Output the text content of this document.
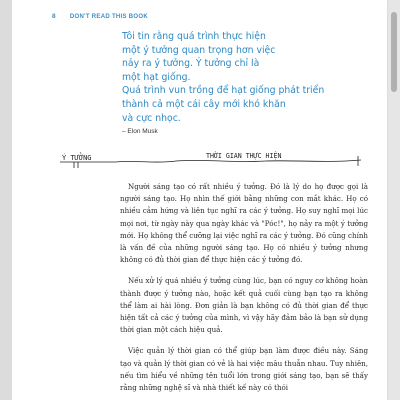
8 DON'T READ THIS BOOK
Tôi tin rằng quá trình thực hiện
một ý tưởng quan trọng hơn việc
nảy ra ý tưởng. Ý tưởng chỉ là
một hạt giống.
Quá trình vun trồng để hạt giống phát triển
thành cả một cái cây mới khó khăn
và cực nhọc.
– Elon Musk
Ý TƯỞNG	THỜI GIAN THỰC HIỆN

Người sáng tạo có rất nhiều ý tưởng. Đó là lý do họ được gọi là người sáng tạo. Họ nhìn thế giới bằng những con mắt khác. Họ có nhiều cảm hứng và liên tục nghĩ ra các ý tưởng. Họ suy nghĩ mọi lúc mọi nơi, từ ngày này qua ngày khác và "Póc!", họ nảy ra một ý tưởng mới. Họ không thể cưỡng lại việc nghĩ ra các ý tưởng. Đó cũng chính là vấn đề của những người sáng tạo. Họ có nhiều ý tưởng nhưng không có đủ thời gian để thực hiện các ý tưởng đó.

Nếu xử lý quá nhiều ý tưởng cùng lúc, bạn có nguy cơ không hoàn thành được ý tưởng nào, hoặc kết quả cuối cùng bạn tạo ra không thể làm ai hài lòng. Đơn giản là bạn không có đủ thời gian để thực hiện tất cả các ý tưởng của mình, vì vậy hãy đảm bảo là bạn sử dụng thời gian một cách hiệu quả.

Việc quản lý thời gian có thể giúp bạn làm được điều này. Sáng tạo và quản lý thời gian có vẻ là hai việc mâu thuẫn nhau. Tuy nhiên, nếu tìm hiểu về những tên tuổi lớn trong giới sáng tạo, bạn sẽ thấy rằng những nghệ sĩ và nhà thiết kế này có thói
